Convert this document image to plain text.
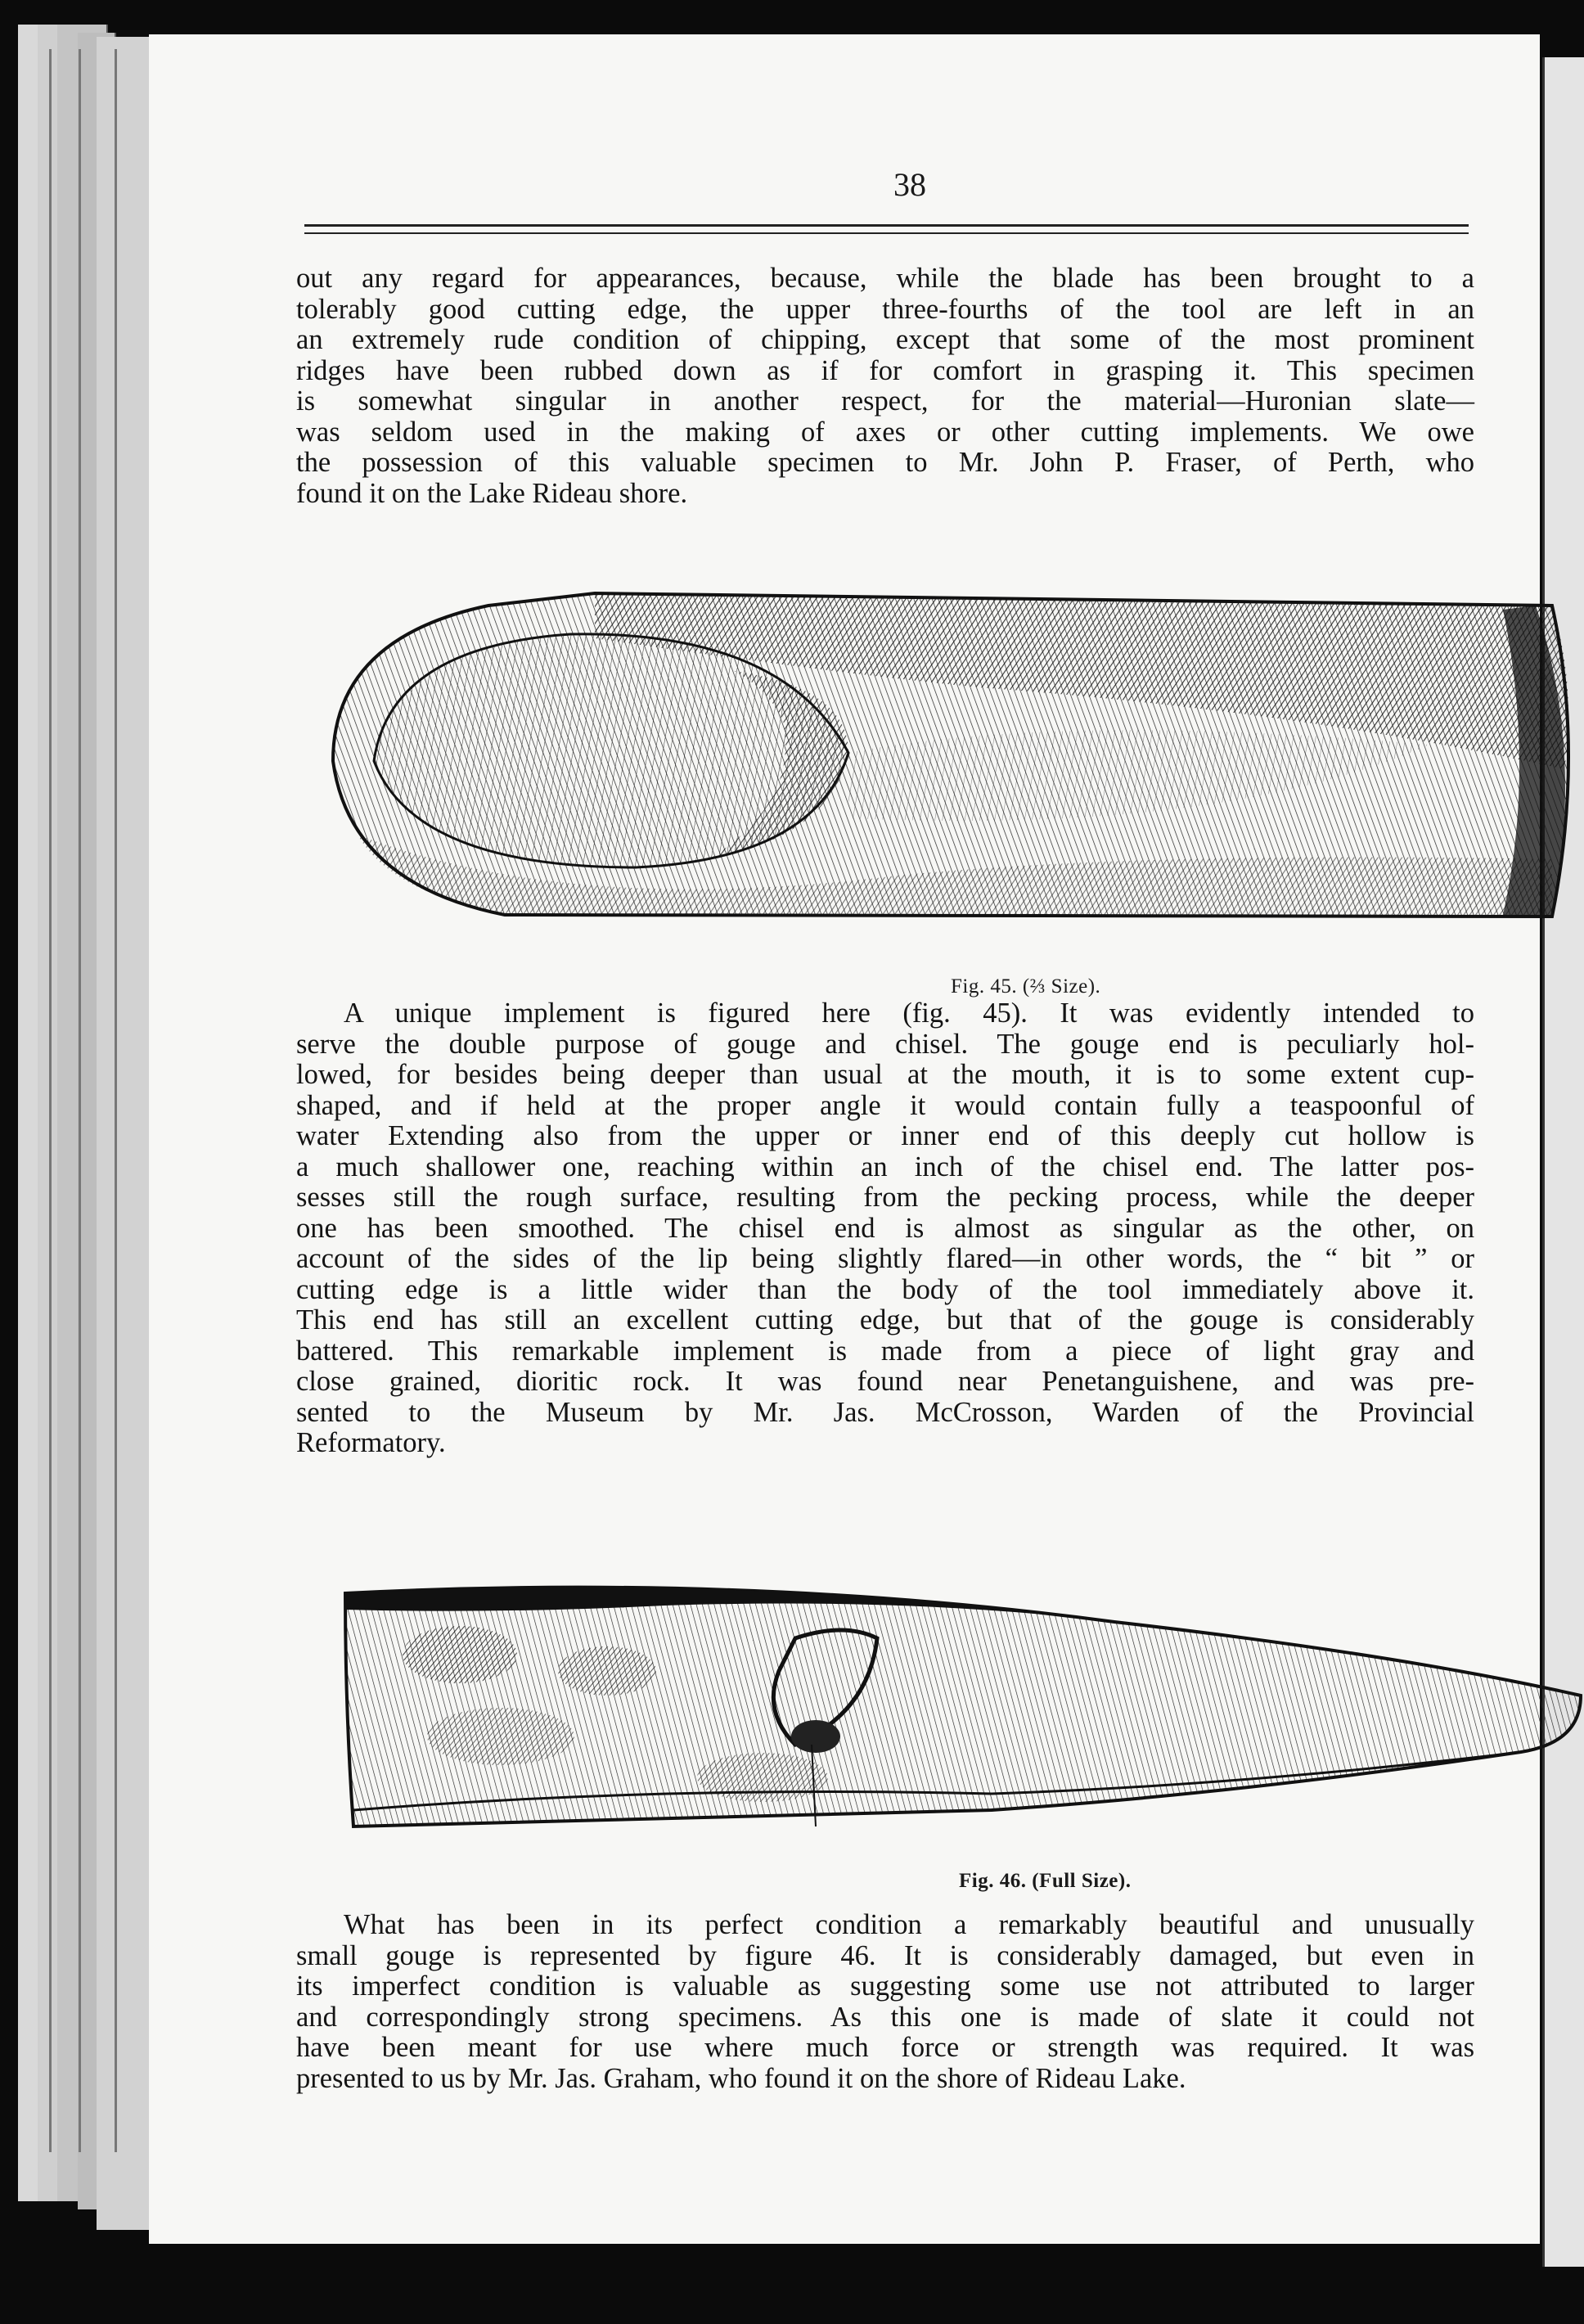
38

out any regard for appearances, because, while the blade has been brought to a
tolerably good cutting edge, the upper three-fourths of the tool are left in an
an extremely rude condition of chipping, except that some of the most prominent
ridges have been rubbed down as if for comfort in grasping it. This specimen
is somewhat singular in another respect, for the material—Huronian slate—
was seldom used in the making of axes or other cutting implements. We owe
the possession of this valuable specimen to Mr. John P. Fraser, of Perth, who
found it on the Lake Rideau shore.

Fig. 45. (⅔ Size).

A unique implement is figured here (fig. 45). It was evidently intended to
serve the double purpose of gouge and chisel. The gouge end is peculiarly hol-
lowed, for besides being deeper than usual at the mouth, it is to some extent cup-
shaped, and if held at the proper angle it would contain fully a teaspoonful of
water Extending also from the upper or inner end of this deeply cut hollow is
a much shallower one, reaching within an inch of the chisel end. The latter pos-
sesses still the rough surface, resulting from the pecking process, while the deeper
one has been smoothed. The chisel end is almost as singular as the other, on
account of the sides of the lip being slightly flared—in other words, the “ bit ” or
cutting edge is a little wider than the body of the tool immediately above it.
This end has still an excellent cutting edge, but that of the gouge is considerably
battered. This remarkable implement is made from a piece of light gray and
close grained, dioritic rock. It was found near Penetanguishene, and was pre-
sented to the Museum by Mr. Jas. McCrosson, Warden of the Provincial
Reformatory.

Fig. 46. (Full Size).

What has been in its perfect condition a remarkably beautiful and unusually
small gouge is represented by figure 46. It is considerably damaged, but even in
its imperfect condition is valuable as suggesting some use not attributed to larger
and correspondingly strong specimens. As this one is made of slate it could not
have been meant for use where much force or strength was required. It was
presented to us by Mr. Jas. Graham, who found it on the shore of Rideau Lake.
